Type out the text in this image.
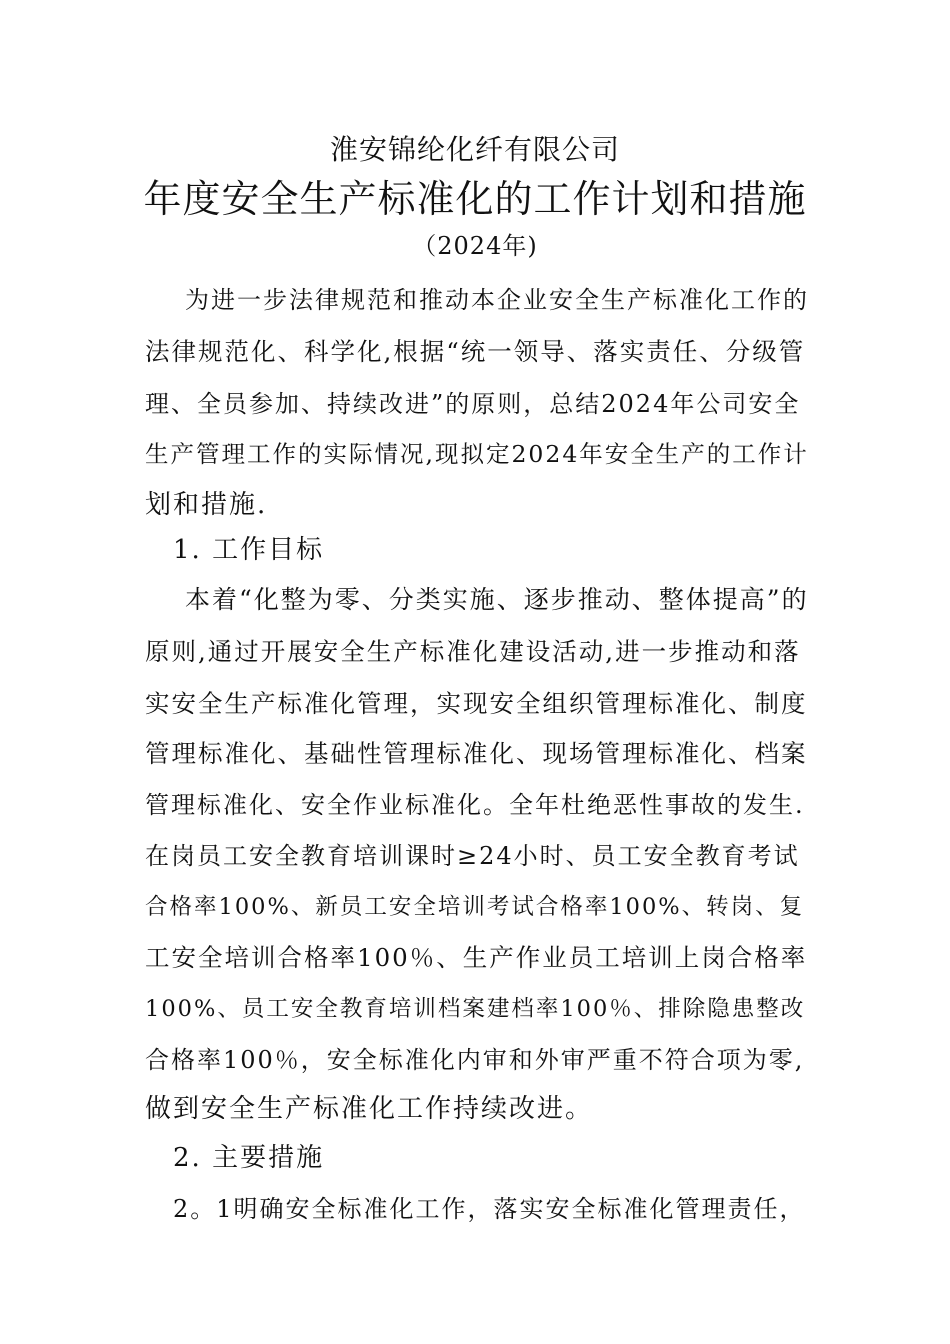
淮安锦纶化纤有限公司
年度安全生产标准化的工作计划和措施
（2024年)
为进一步法律规范和推动本企业安全生产标准化工作的
法律规范化、科学化,根据“统一领导、落实责任、分级管
理、全员参加、持续改进”的原则，总结2024年公司安全
生产管理工作的实际情况,现拟定2024年安全生产的工作计
划和措施.
1. 工作目标
本着“化整为零、分类实施、逐步推动、整体提高”的
原则,通过开展安全生产标准化建设活动,进一步推动和落
实安全生产标准化管理，实现安全组织管理标准化、制度
管理标准化、基础性管理标准化、现场管理标准化、档案
管理标准化、安全作业标准化。全年杜绝恶性事故的发生.
在岗员工安全教育培训课时≥24小时、员工安全教育考试
合格率100%、新员工安全培训考试合格率100%、转岗、复
工安全培训合格率100％、生产作业员工培训上岗合格率
100%、员工安全教育培训档案建档率100％、排除隐患整改
合格率100％，安全标准化内审和外审严重不符合项为零,
做到安全生产标准化工作持续改进。
2. 主要措施
2。1明确安全标准化工作，落实安全标准化管理责任，
